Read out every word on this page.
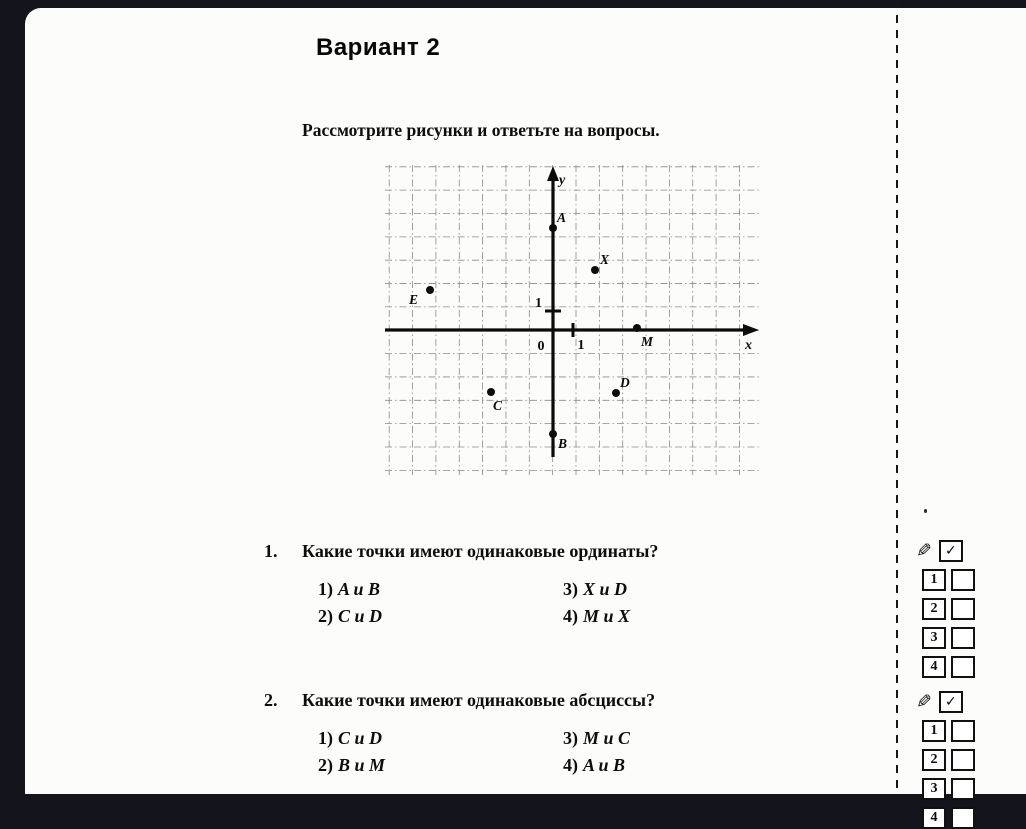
Вариант 2
Рассмотрите рисунки и ответьте на вопросы.
y
x
0 1
1
A
X
E
M
C
D
B
1.	Какие точки имеют одинаковые ординаты?
1) A и B
2) C и D
3) X и D
4) M и X
2.	Какие точки имеют одинаковые абсциссы?
1) C и D
2) B и M
3) M и C
4) A и B
✎ ✓
1
2
3
4
✎ ✓
1
2
3
4
